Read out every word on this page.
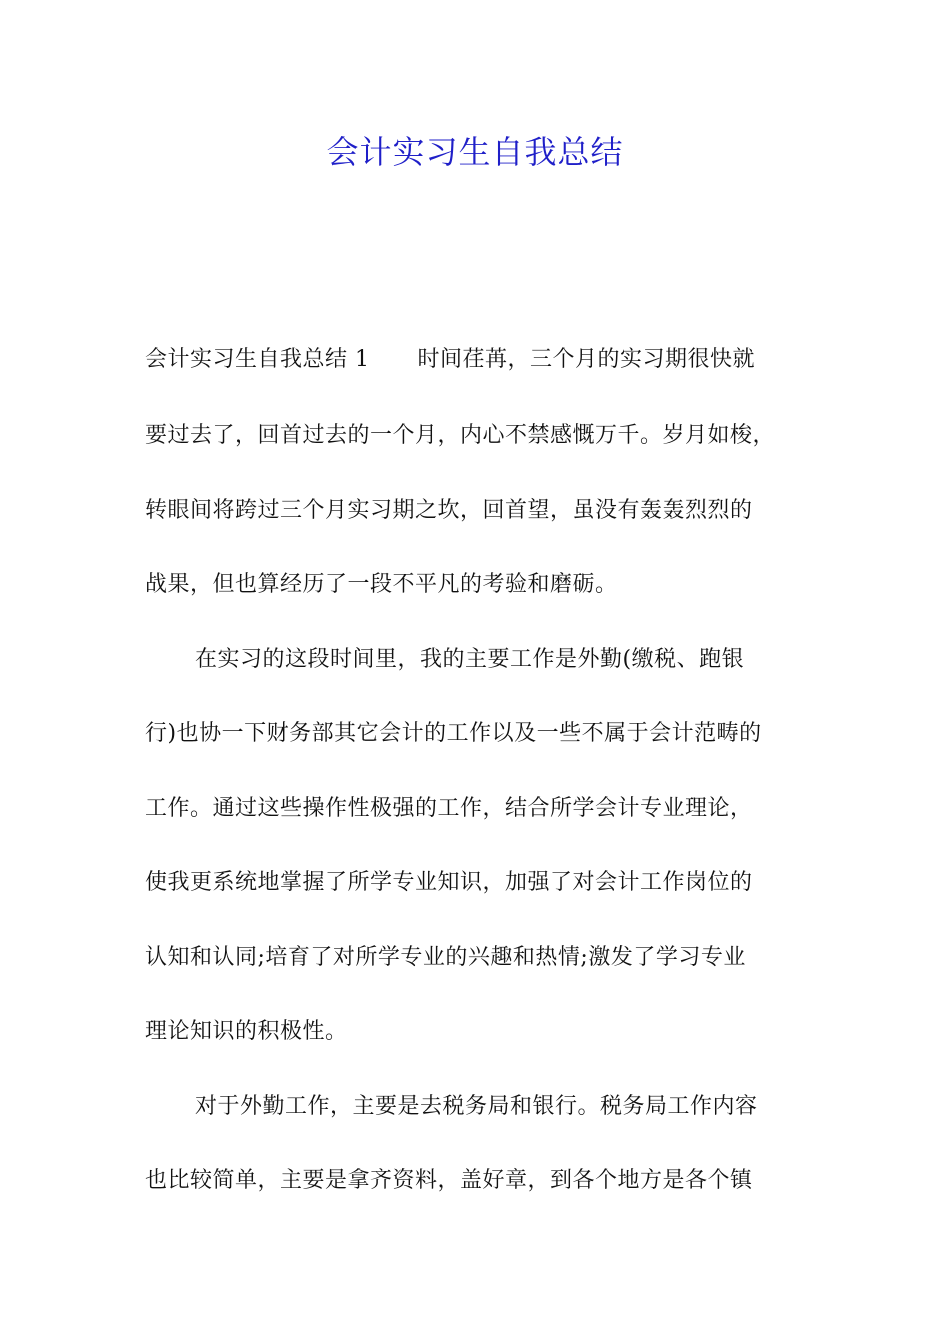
会计实习生自我总结
会计实习生自我总结 1 时间荏苒，三个月的实习期很快就
要过去了，回首过去的一个月，内心不禁感慨万千。岁月如梭，
转眼间将跨过三个月实习期之坎，回首望，虽没有轰轰烈烈的
战果，但也算经历了一段不平凡的考验和磨砺。
在实习的这段时间里，我的主要工作是外勤(缴税、跑银
行)也协一下财务部其它会计的工作以及一些不属于会计范畴的
工作。通过这些操作性极强的工作，结合所学会计专业理论，
使我更系统地掌握了所学专业知识，加强了对会计工作岗位的
认知和认同;培育了对所学专业的兴趣和热情;激发了学习专业
理论知识的积极性。
对于外勤工作，主要是去税务局和银行。税务局工作内容
也比较简单，主要是拿齐资料，盖好章，到各个地方是各个镇
